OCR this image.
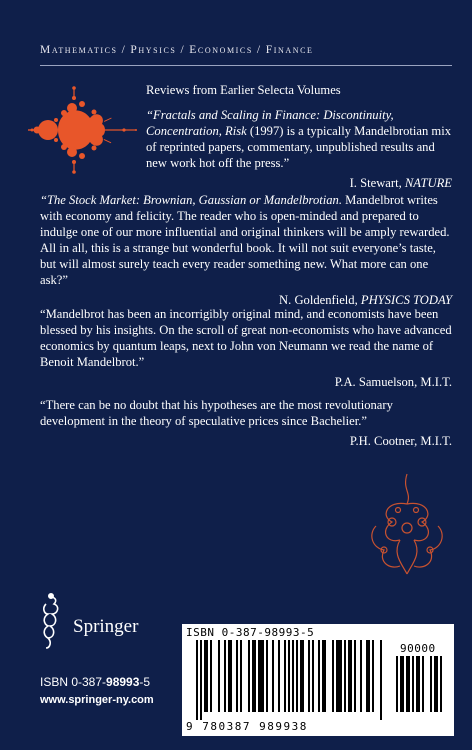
Mathematics / Physics / Economics / Finance
Reviews from Earlier Selecta Volumes

“Fractals and Scaling in Finance: Discontinuity, Concentration, Risk (1997) is a typically Mandelbrotian mix of reprinted papers, commentary, unpublished results and new work hot off the press.”

I. Stewart, NATURE

“The Stock Market: Brownian, Gaussian or Mandelbrotian. Mandelbrot writes with economy and felicity. The reader who is open-minded and prepared to indulge one of our more influential and original thinkers will be amply rewarded. All in all, this is a strange but wonderful book. It will not suit everyone’s taste, but will almost surely teach every reader something new. What more can one ask?”

N. Goldenfield, PHYSICS TODAY

“Mandelbrot has been an incorrigibly original mind, and economists have been blessed by his insights. On the scroll of great non-economists who have advanced economics by quantum leaps, next to John von Neumann we read the name of Benoit Mandelbrot.”

P.A. Samuelson, M.I.T.

“There can be no doubt that his hypotheses are the most revolutionary development in the theory of speculative prices since Bachelier.”

P.H. Cootner, M.I.T.

Springer
ISBN 0-387-98993-5
www.springer-ny.com
ISBN 0-387-98993-5
90000
9 780387 989938
